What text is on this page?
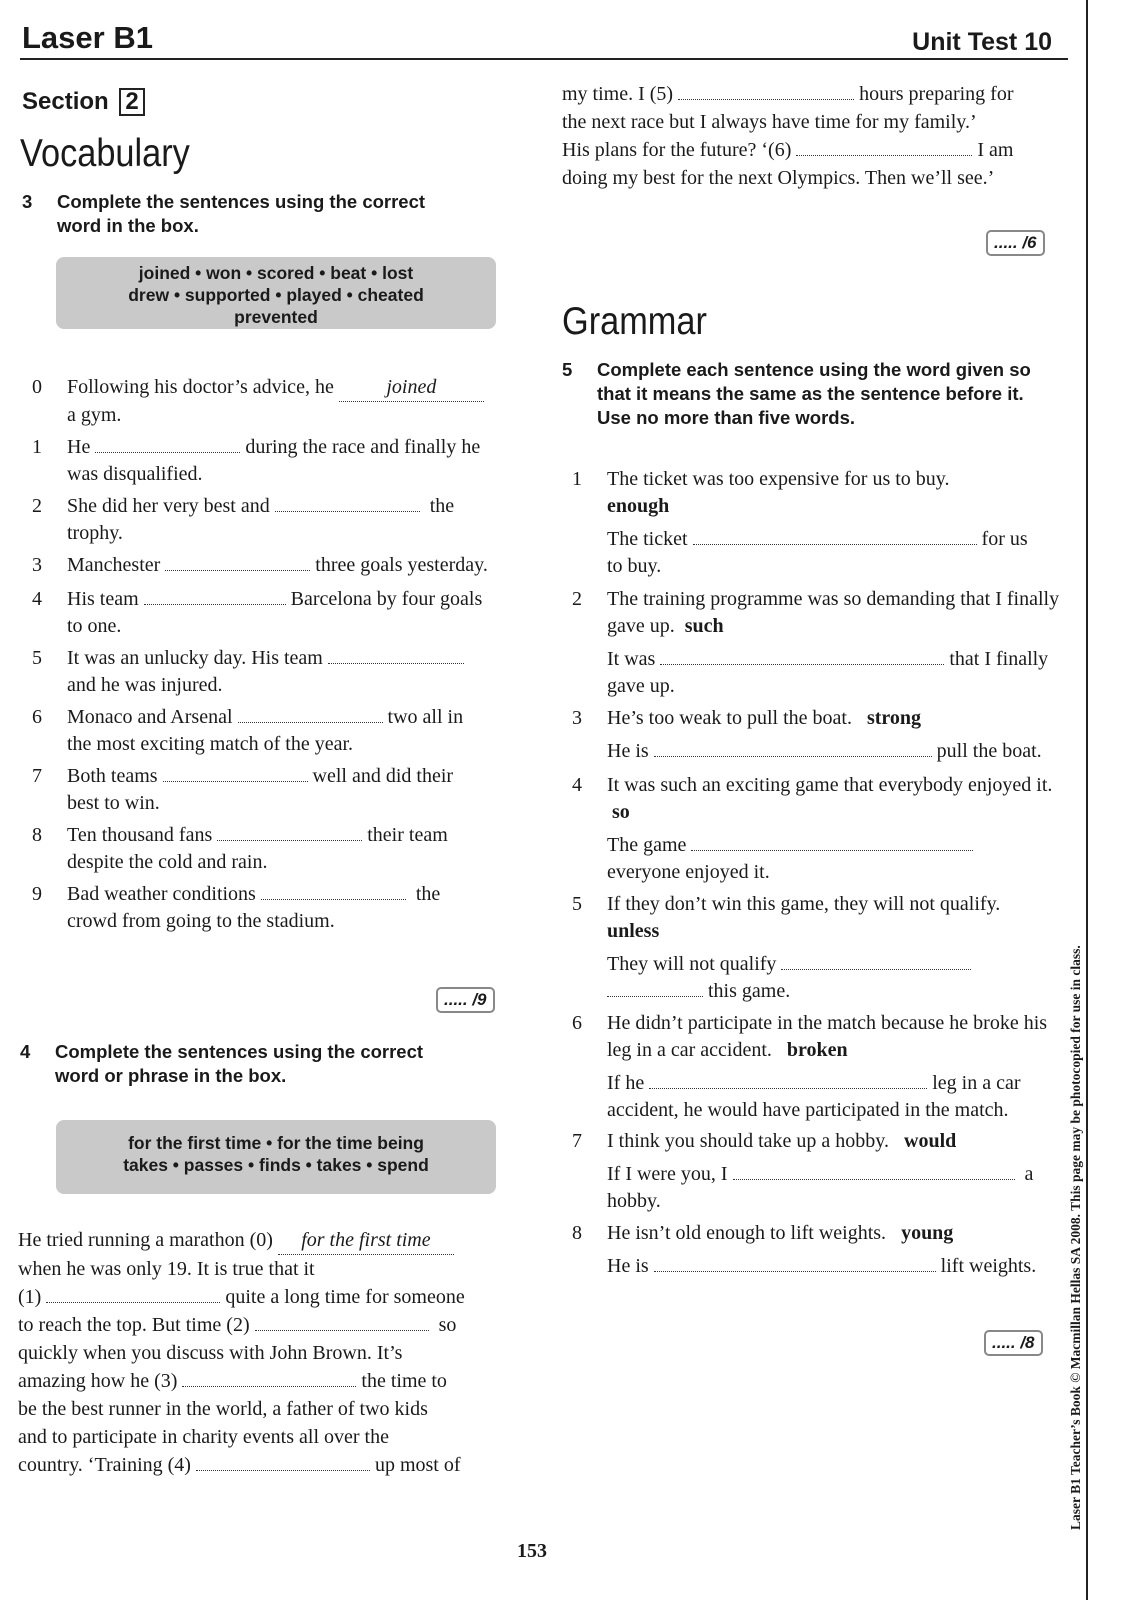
Laser B1	Unit Test 10
Section 2
Vocabulary
3 Complete the sentences using the correct word in the box.
joined • won • scored • beat • lost
drew • supported • played • cheated
prevented
0 Following his doctor’s advice, he	joined
a gym.
1 He	during the race and finally he
was disqualified.
2 She did her very best and	the
trophy.
3 Manchester	three goals yesterday.
4 His team	Barcelona by four goals
to one.
5 It was an unlucky day. His team
and he was injured.
6 Monaco and Arsenal	two all in
the most exciting match of the year.
7 Both teams	well and did their
best to win.
8 Ten thousand fans	their team
despite the cold and rain.
9 Bad weather conditions	the
crowd from going to the stadium.
..... /9
4 Complete the sentences using the correct word or phrase in the box.
for the first time • for the time being
takes • passes • finds • takes • spend
He tried running a marathon (0) for the first time
when he was only 19. It is true that it
(1)	quite a long time for someone
to reach the top. But time (2)	so
quickly when you discuss with John Brown. It’s
amazing how he (3)	the time to
be the best runner in the world, a father of two kids
and to participate in charity events all over the
country. ‘Training (4)	up most of
my time. I (5)	hours preparing for
the next race but I always have time for my family.’
His plans for the future? ‘(6)	I am
doing my best for the next Olympics. Then we’ll see.’
..... /6
Grammar
5 Complete each sentence using the word given so that it means the same as the sentence before it. Use no more than five words.
1 The ticket was too expensive for us to buy.
enough
The ticket	for us
to buy.
2 The training programme was so demanding that I finally gave up. such
It was	that I finally
gave up.
3 He’s too weak to pull the boat. strong
He is	pull the boat.
4 It was such an exciting game that everybody enjoyed it.  so
The game
everyone enjoyed it.
5 If they don’t win this game, they will not qualify.
unless
They will not qualify
this game.
6 He didn’t participate in the match because he broke his leg in a car accident. broken
If he	leg in a car
accident, he would have participated in the match.
7 I think you should take up a hobby. would
If I were you, I	a
hobby.
8 He isn’t old enough to lift weights. young
He is	lift weights.
..... /8	Laser B1 Teacher’s Book © Macmillan Hellas SA 2008. This page may be photocopied for use in class.
153
